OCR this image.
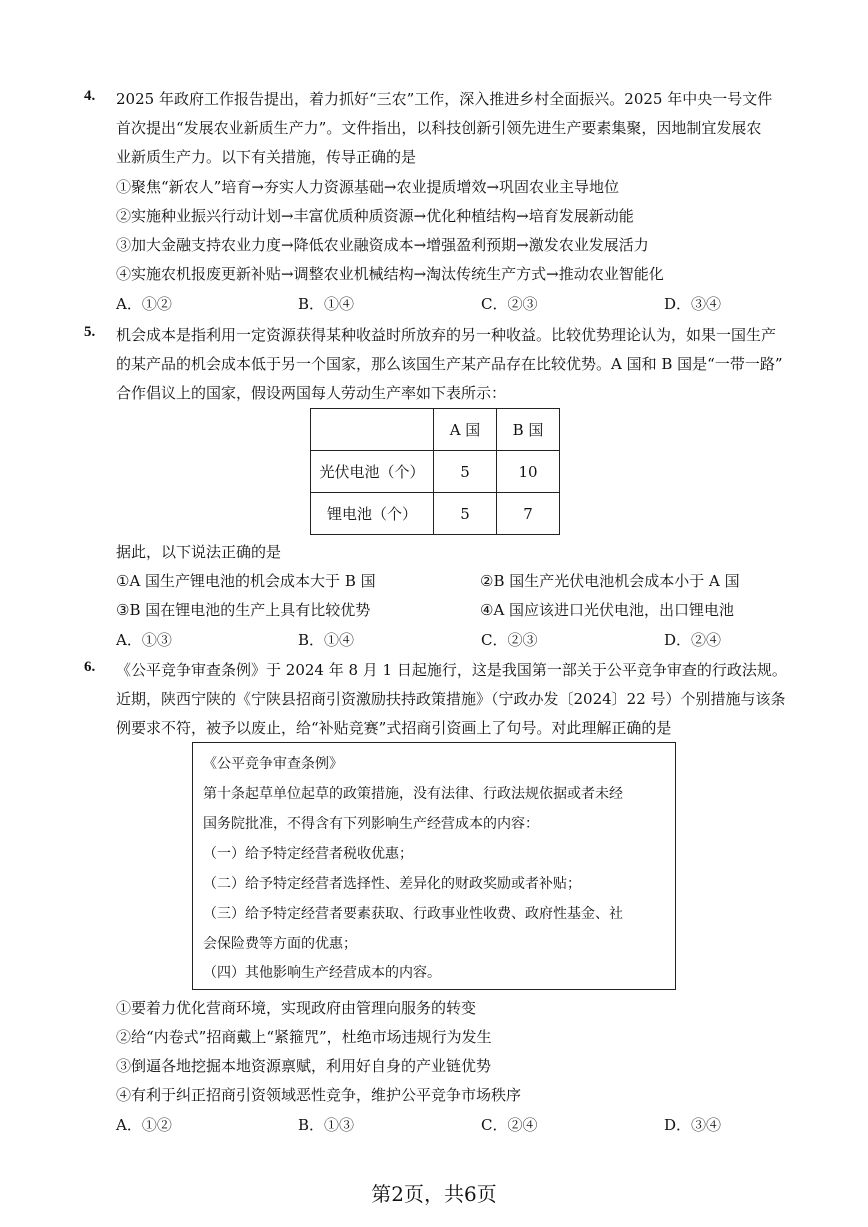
4. 2025 年政府工作报告提出，着力抓好“三农”工作，深入推进乡村全面振兴。2025 年中央一号文件
首次提出“发展农业新质生产力”。文件指出，以科技创新引领先进生产要素集聚，因地制宜发展农
业新质生产力。以下有关措施，传导正确的是
①聚焦“新农人”培育→夯实人力资源基础→农业提质增效→巩固农业主导地位
②实施种业振兴行动计划→丰富优质种质资源→优化种植结构→培育发展新动能
③加大金融支持农业力度→降低农业融资成本→增强盈利预期→激发农业发展活力
④实施农机报废更新补贴→调整农业机械结构→淘汰传统生产方式→推动农业智能化
A．①②	B．①④	C．②③	D．③④
5. 机会成本是指利用一定资源获得某种收益时所放弃的另一种收益。比较优势理论认为，如果一国生产
的某产品的机会成本低于另一个国家，那么该国生产某产品存在比较优势。A 国和 B 国是“一带一路”
合作倡议上的国家，假设两国每人劳动生产率如下表所示：
	A 国	B 国
光伏电池（个）	5	10
锂电池（个）	5	7
据此，以下说法正确的是
①A 国生产锂电池的机会成本大于 B 国	②B 国生产光伏电池机会成本小于 A 国
③B 国在锂电池的生产上具有比较优势	④A 国应该进口光伏电池，出口锂电池
A．①③	B．①④	C．②③	D．②④
6. 《公平竞争审查条例》于 2024 年 8 月 1 日起施行，这是我国第一部关于公平竞争审查的行政法规。
近期，陕西宁陕的《宁陕县招商引资激励扶持政策措施》（宁政办发〔2024〕22 号）个别措施与该条
例要求不符，被予以废止，给“补贴竞赛”式招商引资画上了句号。对此理解正确的是
《公平竞争审查条例》
第十条起草单位起草的政策措施，没有法律、行政法规依据或者未经
国务院批准，不得含有下列影响生产经营成本的内容：
（一）给予特定经营者税收优惠；
（二）给予特定经营者选择性、差异化的财政奖励或者补贴；
（三）给予特定经营者要素获取、行政事业性收费、政府性基金、社
会保险费等方面的优惠；
（四）其他影响生产经营成本的内容。
①要着力优化营商环境，实现政府由管理向服务的转变
②给“内卷式”招商戴上“紧箍咒”，杜绝市场违规行为发生
③倒逼各地挖掘本地资源禀赋，利用好自身的产业链优势
④有利于纠正招商引资领域恶性竞争，维护公平竞争市场秩序
A．①②	B．①③	C．②④	D．③④
第2页，共6页
